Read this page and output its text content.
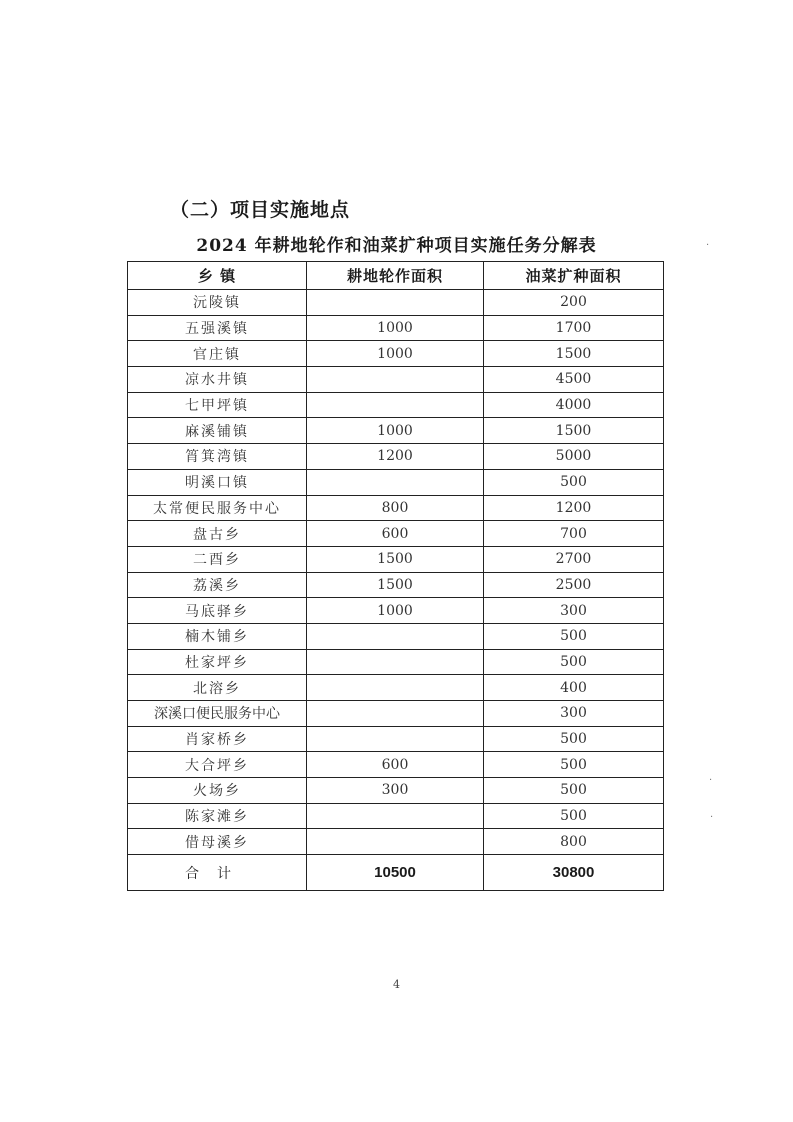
（二）项目实施地点
2024 年耕地轮作和油菜扩种项目实施任务分解表
乡 镇	耕地轮作面积	油菜扩种面积
沅陵镇		200
五强溪镇	1000	1700
官庄镇	1000	1500
凉水井镇		4500
七甲坪镇		4000
麻溪铺镇	1000	1500
筲箕湾镇	1200	5000
明溪口镇		500
太常便民服务中心	800	1200
盘古乡	600	700
二酉乡	1500	2700
荔溪乡	1500	2500
马底驿乡	1000	300
楠木铺乡		500
杜家坪乡		500
北溶乡		400
深溪口便民服务中心		300
肖家桥乡		500
大合坪乡	600	500
火场乡	300	500
陈家滩乡		500
借母溪乡		800
合计	10500	30800
4
·
·
·
